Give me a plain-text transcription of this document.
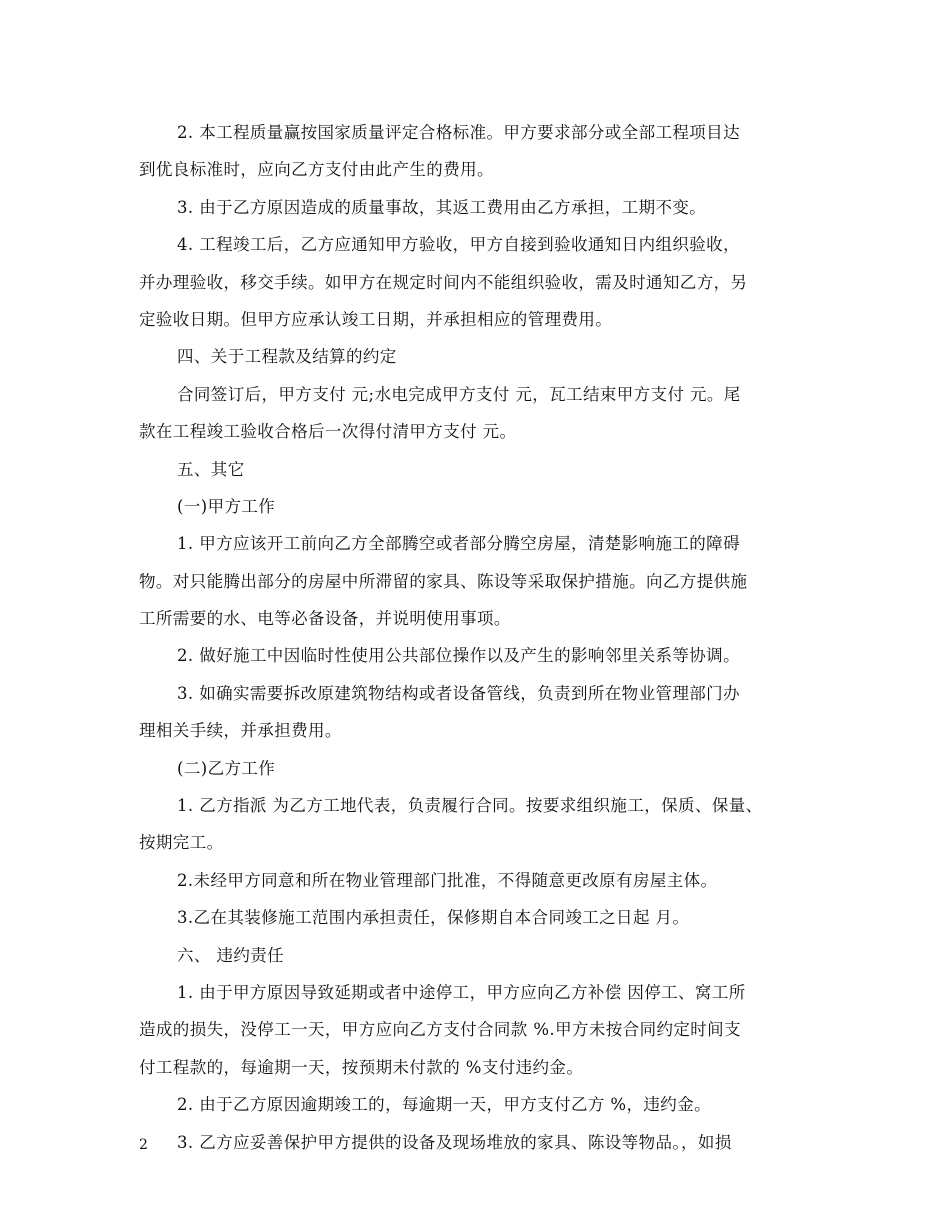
2. 本工程质量赢按国家质量评定合格标准。甲方要求部分或全部工程项目达
到优良标准时，应向乙方支付由此产生的费用。
3. 由于乙方原因造成的质量事故，其返工费用由乙方承担，工期不变。
4. 工程竣工后，乙方应通知甲方验收，甲方自接到验收通知日内组织验收，
并办理验收，移交手续。如甲方在规定时间内不能组织验收，需及时通知乙方，另
定验收日期。但甲方应承认竣工日期，并承担相应的管理费用。
四、关于工程款及结算的约定
合同签订后，甲方支付 元;水电完成甲方支付 元，瓦工结束甲方支付 元。尾
款在工程竣工验收合格后一次得付清甲方支付 元。
五、其它
(一)甲方工作
1. 甲方应该开工前向乙方全部腾空或者部分腾空房屋，清楚影响施工的障碍
物。对只能腾出部分的房屋中所滞留的家具、陈设等采取保护措施。向乙方提供施
工所需要的水、电等必备设备，并说明使用事项。
2. 做好施工中因临时性使用公共部位操作以及产生的影响邻里关系等协调。
3. 如确实需要拆改原建筑物结构或者设备管线，负责到所在物业管理部门办
理相关手续，并承担费用。
(二)乙方工作
1. 乙方指派 为乙方工地代表，负责履行合同。按要求组织施工，保质、保量、
按期完工。
2.未经甲方同意和所在物业管理部门批准，不得随意更改原有房屋主体。
3.乙在其装修施工范围内承担责任，保修期自本合同竣工之日起 月。
六、 违约责任
1. 由于甲方原因导致延期或者中途停工，甲方应向乙方补偿 因停工、窝工所
造成的损失，没停工一天，甲方应向乙方支付合同款 %.甲方未按合同约定时间支
付工程款的，每逾期一天，按预期未付款的 %支付违约金。
2. 由于乙方原因逾期竣工的，每逾期一天，甲方支付乙方 %，违约金。
3. 乙方应妥善保护甲方提供的设备及现场堆放的家具、陈设等物品。，如损
2
